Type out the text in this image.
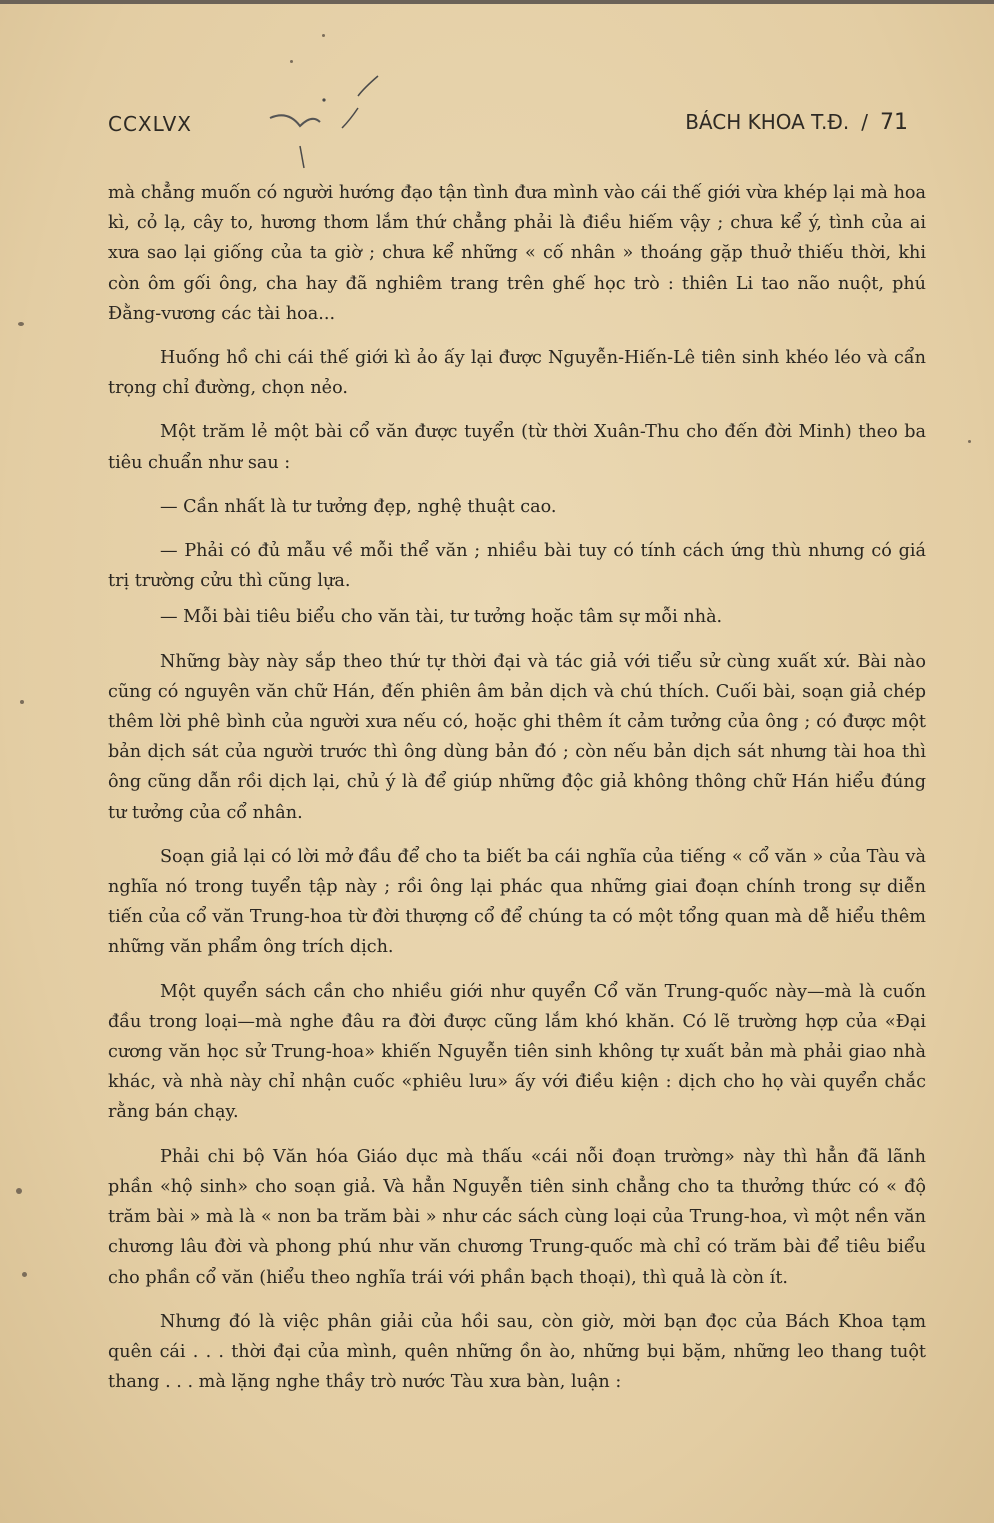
CCXLVX	BÁCH KHOA T.Đ. / 71

mà chẳng muốn có người hướng đạo tận tình đưa mình vào cái thế giới vừa khép lại mà hoa kì, cỏ lạ, cây to, hương thơm lắm thứ chẳng phải là điều hiếm vậy ; chưa kể ý, tình của ai xưa sao lại giống của ta giờ ; chưa kể những « cố nhân » thoáng gặp thuở thiếu thời, khi còn ôm gối ông, cha hay đã nghiêm trang trên ghế học trò : thiên Li tao não nuột, phú Đằng-vương các tài hoa...

Huống hồ chi cái thế giới kì ảo ấy lại được Nguyễn-Hiến-Lê tiên sinh khéo léo và cẩn trọng chỉ đường, chọn nẻo.

Một trăm lẻ một bài cổ văn được tuyển (từ thời Xuân-Thu cho đến đời Minh) theo ba tiêu chuẩn như sau :

— Cần nhất là tư tưởng đẹp, nghệ thuật cao.

— Phải có đủ mẫu về mỗi thể văn ; nhiều bài tuy có tính cách ứng thù nhưng có giá trị trường cửu thì cũng lựa.

— Mỗi bài tiêu biểu cho văn tài, tư tưởng hoặc tâm sự mỗi nhà.

Những bày này sắp theo thứ tự thời đại và tác giả với tiểu sử cùng xuất xứ. Bài nào cũng có nguyên văn chữ Hán, đến phiên âm bản dịch và chú thích. Cuối bài, soạn giả chép thêm lời phê bình của người xưa nếu có, hoặc ghi thêm ít cảm tưởng của ông ; có được một bản dịch sát của người trước thì ông dùng bản đó ; còn nếu bản dịch sát nhưng tài hoa thì ông cũng dẫn rồi dịch lại, chủ ý là để giúp những độc giả không thông chữ Hán hiểu đúng tư tưởng của cổ nhân.

Soạn giả lại có lời mở đầu để cho ta biết ba cái nghĩa của tiếng « cổ văn » của Tàu và nghĩa nó trong tuyển tập này ; rồi ông lại phác qua những giai đoạn chính trong sự diễn tiến của cổ văn Trung-hoa từ đời thượng cổ để chúng ta có một tổng quan mà dễ hiểu thêm những văn phẩm ông trích dịch.

Một quyển sách cần cho nhiều giới như quyển Cổ văn Trung-quốc này—mà là cuốn đầu trong loại—mà nghe đâu ra đời được cũng lắm khó khăn. Có lẽ trường hợp của «Đại cương văn học sử Trung-hoa» khiến Nguyễn tiên sinh không tự xuất bản mà phải giao nhà khác, và nhà này chỉ nhận cuốc «phiêu lưu» ấy với điều kiện : dịch cho họ vài quyển chắc rằng bán chạy.

Phải chi bộ Văn hóa Giáo dục mà thấu «cái nỗi đoạn trường» này thì hẳn đã lãnh phần «hộ sinh» cho soạn giả. Và hẳn Nguyễn tiên sinh chẳng cho ta thưởng thức có « độ trăm bài » mà là « non ba trăm bài » như các sách cùng loại của Trung-hoa, vì một nền văn chương lâu đời và phong phú như văn chương Trung-quốc mà chỉ có trăm bài để tiêu biểu cho phần cổ văn (hiểu theo nghĩa trái với phần bạch thoại), thì quả là còn ít.

Nhưng đó là việc phân giải của hồi sau, còn giờ, mời bạn đọc của Bách Khoa tạm quên cái . . . thời đại của mình, quên những ồn ào, những bụi bặm, những leo thang tuột thang . . . mà lặng nghe thầy trò nước Tàu xưa bàn, luận :
